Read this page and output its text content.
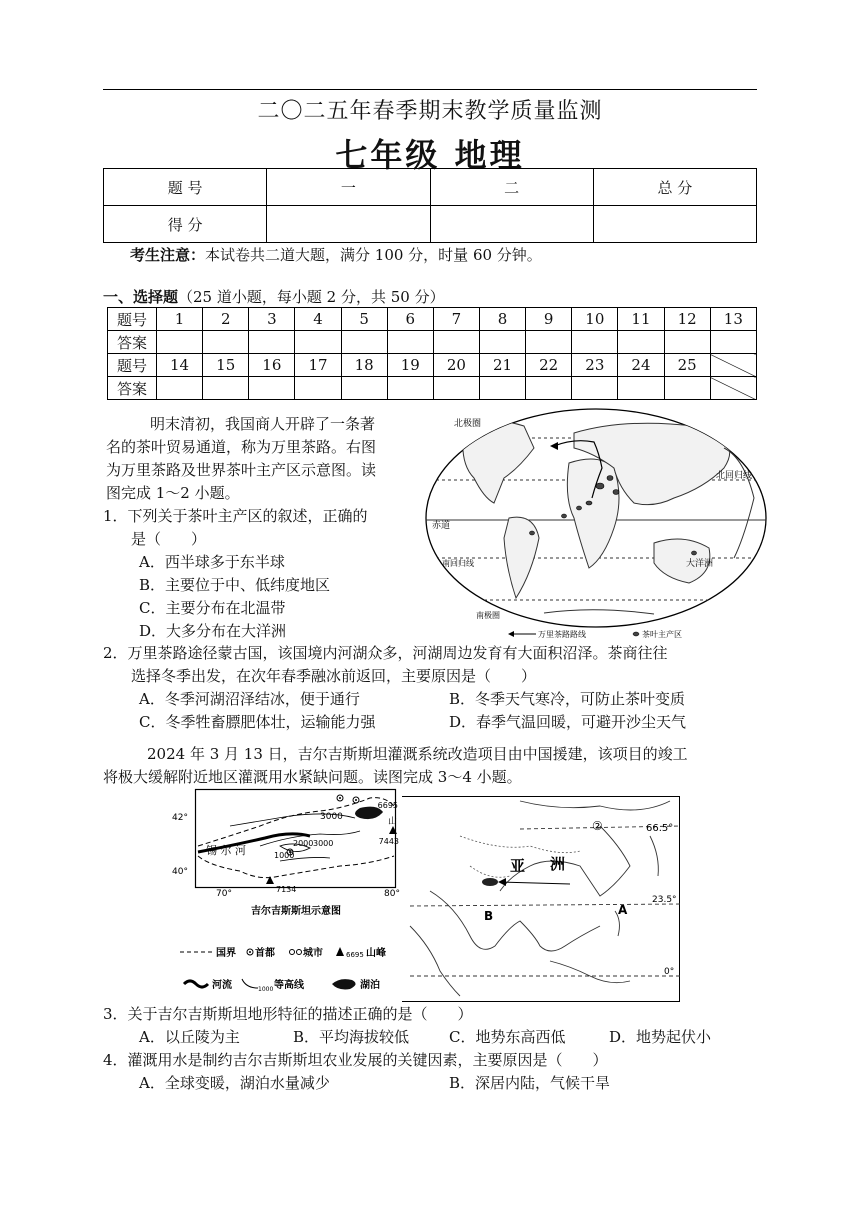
二〇二五年春季期末教学质量监测
七年级 地理
题 号	一	二	总 分
得 分			
考生注意：本试卷共二道大题，满分 100 分，时量 60 分钟。
一、选择题（25 道小题，每小题 2 分，共 50 分）
题号	1	2	3	4	5	6	7	8	9	10	11	12	13
答案													
题号	14	15	16	17	18	19	20	21	22	23	24	25	
答案													
明末清初，我国商人开辟了一条著
名的茶叶贸易通道，称为万里茶路。右图
为万里茶路及世界茶叶主产区示意图。读
图完成 1～2 小题。
1．下列关于茶叶主产区的叙述，正确的
是（　　）
A．西半球多于东半球
B．主要位于中、低纬度地区
C．主要分布在北温带
D．大多分布在大洋洲
北极圈
北回归线
赤道
南回归线	大洋洲
南极圈
万里茶路路线	茶叶主产区
2．万里茶路途径蒙古国，该国境内河湖众多，河湖周边发育有大面积沼泽。茶商往往
选择冬季出发，在次年春季融冰前返回，主要原因是（　　）
A．冬季河湖沼泽结冰，便于通行	B．冬季天气寒冷，可防止茶叶变质
C．冬季牲畜膘肥体壮，运输能力强	D．春季气温回暖，可避开沙尘天气
2024 年 3 月 13 日，吉尔吉斯斯坦灌溉系统改造项目由中国援建，该项目的竣工
将极大缓解附近地区灌溉用水紧缺问题。读图完成 3～4 小题。
亚 洲
A
B
②	66.5°
23.5°
0°
3000
2000 3000
1000
6695
7443
7134
锡 尔 河
山
42°
40°
70°	80°
吉尔吉斯斯坦示意图
国界 首都	城市	6695 山峰
河流	1000 等高线	湖泊
3．关于吉尔吉斯斯坦地形特征的描述正确的是（　　）
A．以丘陵为主	B．平均海拔较低	C．地势东高西低	D．地势起伏小
4．灌溉用水是制约吉尔吉斯斯坦农业发展的关键因素，主要原因是（　　）
A．全球变暖，湖泊水量减少	B．深居内陆，气候干旱
